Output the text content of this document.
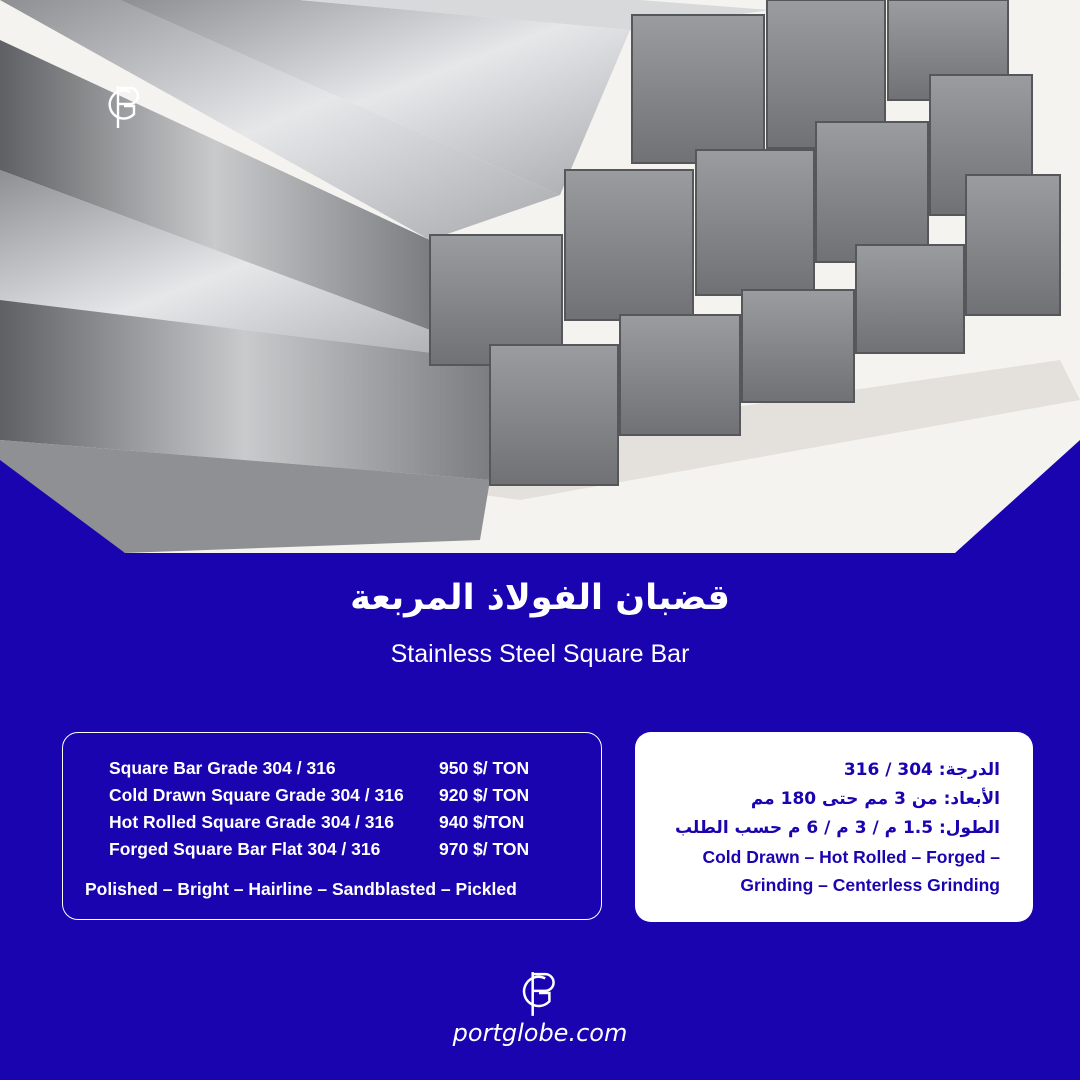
قضبان الفولاذ المربعة
Stainless Steel Square Bar
Square Bar Grade 304 / 316	950 $/ TON
Cold Drawn Square Grade 304 / 316 920 $/ TON
Hot Rolled Square Grade 304 / 316	940 $/TON
Forged Square Bar Flat 304 / 316	970 $/ TON
Polished – Bright – Hairline – Sandblasted – Pickled
الدرجة: 304 / 316
الأبعاد: من 3 مم حتى 180 مم
الطول: 1.5 م / 3 م / 6 م حسب الطلب
Cold Drawn – Hot Rolled – Forged –
Grinding – Centerless Grinding
portglobe.com
